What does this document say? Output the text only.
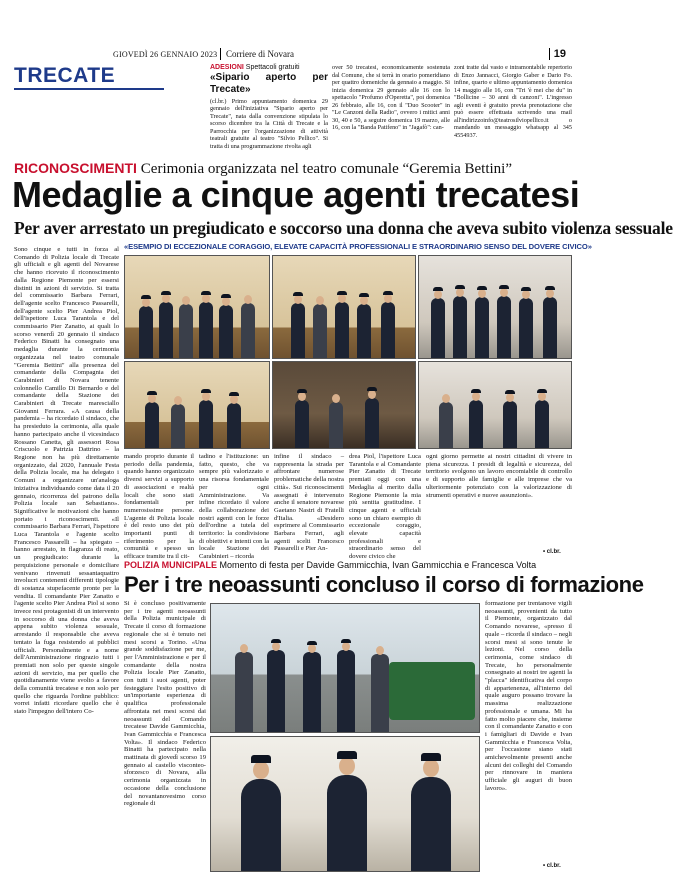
GIOVEDÌ 26 GENNAIO 2023 Corriere di Novara	19
TRECATE	ADESIONI Spettacoli gratuiti
«Sipario aperto per Trecate»
(cl.br.) Primo appuntamento domenica 29 gennaio dell'iniziativa "Sipario aperto per Trecate", nata dalla convenzione stipulata lo scorso dicembre tra la Città di Trecate e la Parrocchia per l'organizzazione di attività teatrali gratuite al teatro "Silvio Pellico". Si tratta di una programmazione rivolta agli
over 50 trecatesi, economicamente sostenuta dal Comune, che si terrà in orario pomeridiano per quattro domeniche da gennaio a maggio. Si inizia domenica 29 gennaio alle 16 con lo spettacolo "Profumo d'Operetta", poi domenica 26 febbraio, alle 16, con il "Duo Scooter" in "Le Canzoni della Radio", ovvero i mitici anni 30, 40 e 50, a seguire domenica 19 marzo, alle 16, con la "Banda Patifeno" in "Jagafò": can-
zoni tratte dal vasto e intramontabile repertorio di Enzo Jannacci, Giorgio Gaber e Dario Fo. infine, quarto e ultimo appuntamento domenica 14 maggio alle 16, con "Tri 'è mei che du" in "Bollicine – 30 anni di canzoni". L'ingresso agli eventi è gratuito previa prenotazione che può essere effettuata scrivendo una mail all'indirizzoinfo@teatrosilviopellico.it o mandando un messaggio whatsapp al 345 4554937.
RICONOSCIMENTI Cerimonia organizzata nel teatro comunale “Geremia Bettini”
Medaglie a cinque agenti trecatesi
Per aver arrestato un pregiudicato e soccorso una donna che aveva subito violenza sessuale
Sono cinque e tutti in forza al Comando di Polizia locale di Trecate gli ufficiali e gli agenti del Novarese che hanno ricevuto il riconoscimento dalla Regione Piemonte per essersi distinti in azioni di servizio. Si tratta del commissario Barbara Ferrari, dell'agente scelto Francesco Passarelli, dell'agente scelto Pier Andrea Piol, dell'ispettore Luca Tarantola e del commissario Pier Zanatto, ai quali lo scorso venerdì 20 gennaio il sindaco Federico Binatti ha consegnato una medaglia durante la cerimonia organizzata nel teatro comunale "Geremia Bettini" alla presenza del comandante della Compagnia dei Carabinieri di Novara tenente colonnello Camillo Di Bernardo e del comandante della Stazione dei Carabinieri di Trecate maresciallo Giovanni Ferrara. «A causa della pandemia – ha ricordato il sindaco, che ha presieduto la cerimonia, alla quale hanno partecipato anche il vicesindaco Rossano Canetta, gli assessori Rosa Criscuolo e Patrizia Dattrino – la Regione non ha più direttamente organizzato, dal 2020, l'annuale Festa della Polizia locale, ma ha delegato i Comuni a organizzare un'analoga iniziativa individuando come data il 20 gennaio, ricorrenza del patrono della Polizia locale san Sebastiano». Significative le motivazioni che hanno portato i riconoscimenti. «Il commissario Barbara Ferrari, l'ispettore Luca Tarantola e l'agente scelto Francesco Passarelli – ha spiegato – hanno arrestato, in flagranza di reato, un pregiudicato: durante la perquisizione personale e domiciliare venivano rinvenuti sessantaquattro involucri contenenti differenti tipologie di sostanza stupefacente pronte per la vendita. Il comandante Pier Zanatto e l'agente scelto Pier Andrea Piol si sono invece resi protagonisti di un intervento in soccorso di una donna che aveva appena subito violenza sessuale, arrestando il responsabile che aveva tentato la fuga resistendo ai pubblici ufficiali. Personalmente e a nome dell'Amministrazione ringrazio tutti i premiati non solo per queste singole azioni di servizio, ma per quello che quotidianamente viene svolto a favore della comunità trecatese e non solo per quello che riguarda l'ordine pubblico: vorrei infatti ricordare quello che è stato l'impegno dell'intero Co-
«ESEMPIO DI ECCEZIONALE CORAGGIO, ELEVATE CAPACITÀ PROFESSIONALI E STRAORDINARIO SENSO DEL DOVERE CIVICO»
mando proprio durante il periodo della pandemia, quando hanno organizzato diversi servizi a supporto di associazioni e realtà locali che sono stati fondamentali per numerosissime persone. L'agente di Polizia locale è del resto uno dei più importanti punti di riferimento per la comunità e spesso un efficace tramite tra il cit-
tadino e l'istituzione: un fatto, questo, che va sempre più valorizzato e una risorsa fondamentale per ogni Amministrazione. Va infine ricordato il valore della collaborazione dei nostri agenti con le forze dell'ordine a tutela del territorio: la condivisione di obiettivi e intenti con la locale Stazione dei Carabinieri – ricorda
infine il sindaco – rappresenta la strada per affrontare numerose problematiche della nostra città». Sui riconoscimenti assegnati è intervenuto anche il senatore novarese Gaetano Nastri di Fratelli d'Italia. «Desidero esprimere al Commissario Barbara Ferrari, agli agenti scelti Francesco Passarelli e Pier An-
drea Piol, l'ispettore Luca Tarantola e al Comandante Pier Zanatto di Trecate premiati oggi con una Medaglia al merito dalla Regione Piemonte la mia più sentita gratitudine. I cinque agenti e ufficiali sono un chiaro esempio di eccezionale coraggio, elevate capacità professionali e straordinario senso del dovere civico che
ogni giorno permette ai nostri cittadini di vivere in piena sicurezza. I presidi di legalità e sicurezza, del territorio svolgono un lavoro encomiabile di controllo e di supporto alle famiglie e alle imprese che va ulteriormente potenziato con la valorizzazione di strumenti operativi e nuove assunzioni».
• cl.br.
POLIZIA MUNICIPALE Momento di festa per Davide Gammicchia, Ivan Gammicchia e Francesca Volta
Per i tre neoassunti concluso il corso di formazione
Si è concluso positivamente per i tre agenti neoassunti della Polizia municipale di Trecate il corso di formazione regionale che si è tenuto nei mesi scorsi a Torino. «Una grande soddisfazione per me, per l'Amministrazione e per il comandante della nostra Polizia locale Pier Zanatto, con tutti i suoi agenti, poter festeggiare l'esito positivo di un'importante esperienza di qualifica professionale affrontata nei mesi scorsi dai neoassunti del Comando trecatese Davide Gammicchia, Ivan Gammicchia e Francesca Volta». Il sindaco Federico Binatti ha partecipato nella mattinata di giovedì scorso 19 gennaio al castello visconteo-sforzesco di Novara, alla cerimonia organizzata in occasione della conclusione del novantanovesimo corso regionale di
formazione per trentanove vigili neoassunti, provenienti da tutto il Piemonte, organizzato dal Comando novarese, «presso il quale – ricorda il sindaco – negli scorsi mesi si sono tenute le lezioni. Nel corso della cerimonia, come sindaco di Trecate, ho personalmente consegnato ai nostri tre agenti la "placca" identificativa del corpo di appartenenza, all'interno del quale auguro possano trovare la massima realizzazione professionale e umana. Mi ha fatto molto piacere che, insieme con il comandante Zanatto e con i famigliari di Davide e Ivan Gammicchia e Francesca Volta, per l'occasione siano stati amichevolmente presenti anche alcuni dei colleghi del Comando per rinnovare in maniera ufficiale gli auguri di buon lavoro».
• cl.br.
